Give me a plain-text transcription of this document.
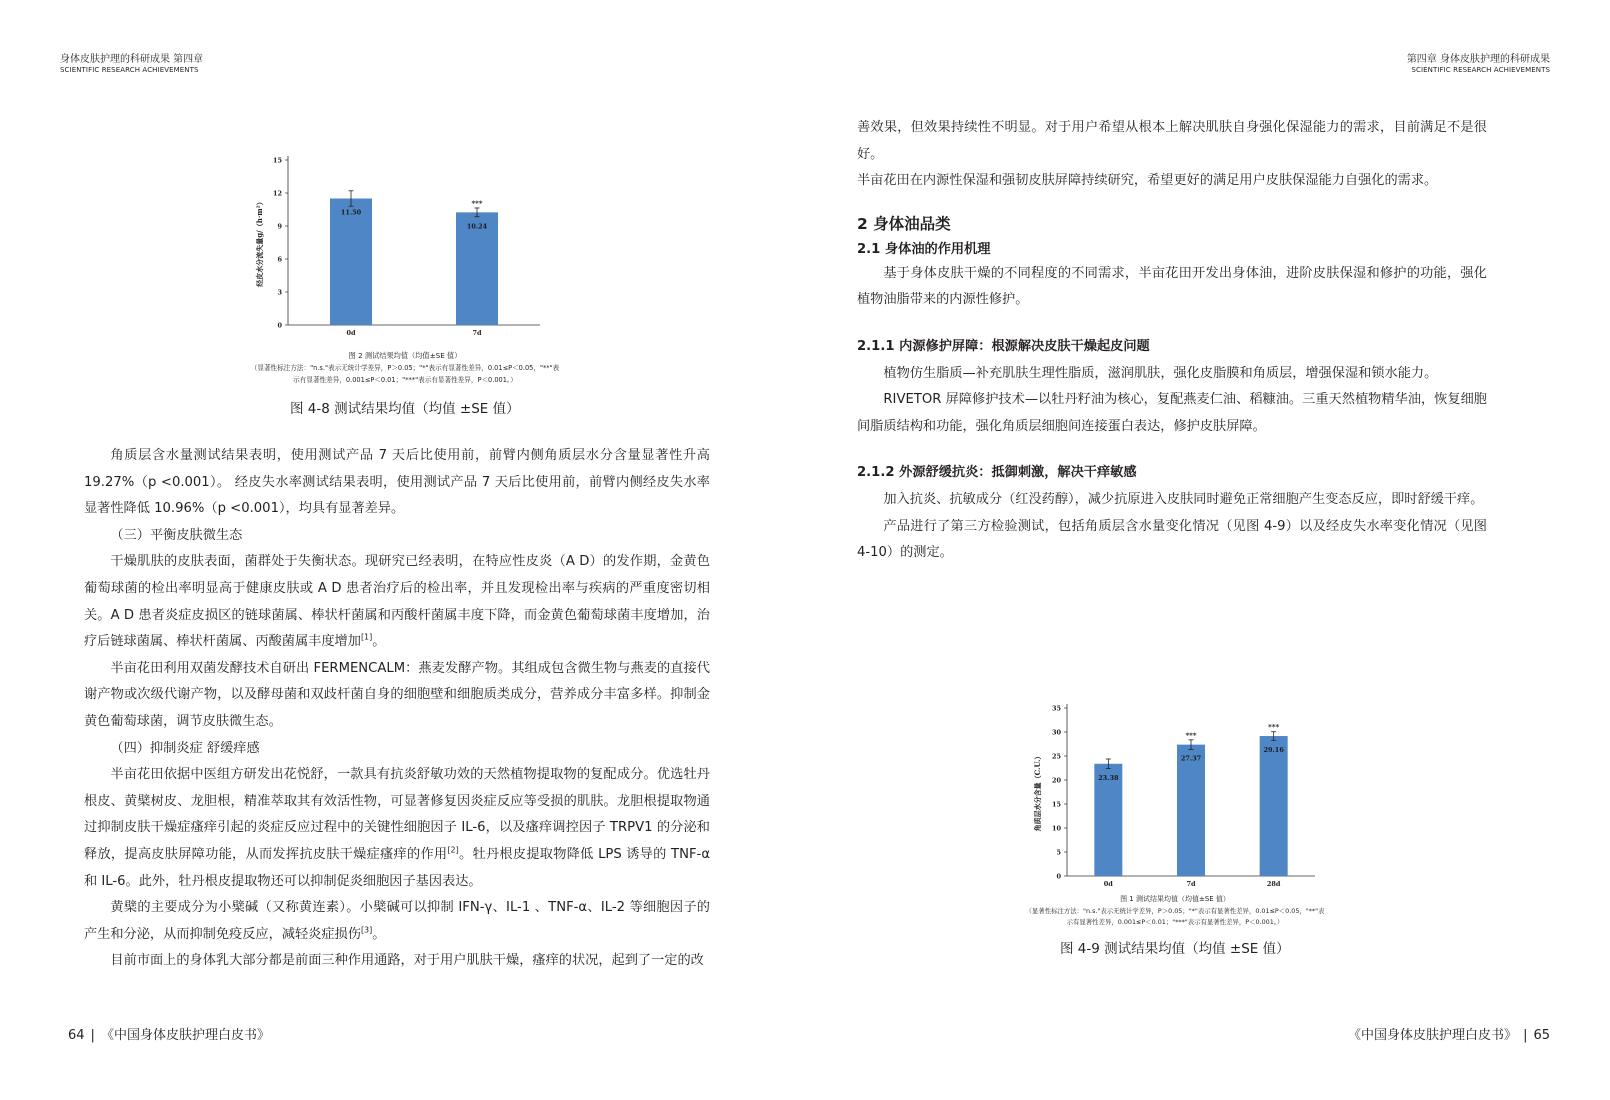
身体皮肤护理的科研成果 第四章
SCIENTIFIC RESEARCH ACHIEVEMENTS
0
3
6
9
12
15
经皮水分流失量g/（h·m²）	11.50
0d
10.24
***
7d
图 2 测试结果均值（均值±SE 值）
（显著性标注方法："n.s."表示无统计学差异，P＞0.05；"*"表示有显著性差异，0.01≤P＜0.05，"**"表
示有显著性差异，0.001≤P＜0.01；"***"表示有显著性差异，P＜0.001。）
图 4-8 测试结果均值（均值 ±SE 值）

角质层含水量测试结果表明，使用测试产品 7 天后比使用前，前臂内侧角质层水分含量显著性升高 19.27%（p <0.001）。 经皮失水率测试结果表明，使用测试产品 7 天后比使用前，前臂内侧经皮失水率显著性降低 10.96%（p <0.001），均具有显著差异。

（三）平衡皮肤微生态

干燥肌肤的皮肤表面，菌群处于失衡状态。现研究已经表明，在特应性皮炎（A D）的发作期，金黄色葡萄球菌的检出率明显高于健康皮肤或 A D 患者治疗后的检出率，并且发现检出率与疾病的严重度密切相关。A D 患者炎症皮损区的链球菌属、棒状杆菌属和丙酸杆菌属丰度下降，而金黄色葡萄球菌丰度增加，治疗后链球菌属、棒状杆菌属、丙酸菌属丰度增加[1]。

半亩花田利用双菌发酵技术自研出 FERMENCALM：燕麦发酵产物。其组成包含微生物与燕麦的直接代谢产物或次级代谢产物，以及酵母菌和双歧杆菌自身的细胞壁和细胞质类成分，营养成分丰富多样。抑制金黄色葡萄球菌，调节皮肤微生态。

（四）抑制炎症 舒缓痒感

半亩花田依据中医组方研发出花悦舒，一款具有抗炎舒敏功效的天然植物提取物的复配成分。优选牡丹根皮、黄檗树皮、龙胆根，精准萃取其有效活性物，可显著修复因炎症反应等受损的肌肤。龙胆根提取物通过抑制皮肤干燥症瘙痒引起的炎症反应过程中的关键性细胞因子 IL-6，以及瘙痒调控因子 TRPV1 的分泌和释放，提高皮肤屏障功能，从而发挥抗皮肤干燥症瘙痒的作用[2]。牡丹根皮提取物降低 LPS 诱导的 TNF-α 和 IL-6。此外，牡丹根皮提取物还可以抑制促炎细胞因子基因表达。

黄檗的主要成分为小檗碱（又称黄连素）。小檗碱可以抑制 IFN-γ、IL-1 、TNF-α、IL-2 等细胞因子的产生和分泌，从而抑制免疫反应，减轻炎症损伤[3]。

目前市面上的身体乳大部分都是前面三种作用通路，对于用户肌肤干燥，瘙痒的状况，起到了一定的改

64 | 《中国身体皮肤护理白皮书》
第四章 身体皮肤护理的科研成果
SCIENTIFIC RESEARCH ACHIEVEMENTS

善效果，但效果持续性不明显。对于用户希望从根本上解决肌肤自身强化保湿能力的需求，目前满足不是很好。

半亩花田在内源性保湿和强韧皮肤屏障持续研究，希望更好的满足用户皮肤保湿能力自强化的需求。

2 身体油品类
2.1 身体油的作用机理

基于身体皮肤干燥的不同程度的不同需求，半亩花田开发出身体油，进阶皮肤保湿和修护的功能，强化植物油脂带来的内源性修护。

2.1.1 内源修护屏障：根源解决皮肤干燥起皮问题

植物仿生脂质—补充肌肤生理性脂质，滋润肌肤，强化皮脂膜和角质层，增强保湿和锁水能力。

RIVETOR 屏障修护技术—以牡丹籽油为核心，复配燕麦仁油、稻糠油。三重天然植物精华油，恢复细胞间脂质结构和功能，强化角质层细胞间连接蛋白表达，修护皮肤屏障。

2.1.2 外源舒缓抗炎：抵御刺激，解决干痒敏感

加入抗炎、抗敏成分（红没药醇），减少抗原进入皮肤同时避免正常细胞产生变态反应，即时舒缓干痒。

产品进行了第三方检验测试，包括角质层含水量变化情况（见图 4-9）以及经皮失水率变化情况（见图 4-10）的测定。

0
5
10
15
20
25
30
35
角质层水分含量（C.U.）	23.38
0d
27.37
***
7d
29.16
***
28d
图 1 测试结果均值（均值±SE 值）
（显著性标注方法："n.s."表示无统计学差异，P＞0.05；"*"表示有显著性差异，0.01≤P＜0.05，"**"表
示有显著性差异，0.001≤P＜0.01；"***"表示有显著性差异，P＜0.001。）
图 4-9 测试结果均值（均值 ±SE 值）
《中国身体皮肤护理白皮书》 | 65
